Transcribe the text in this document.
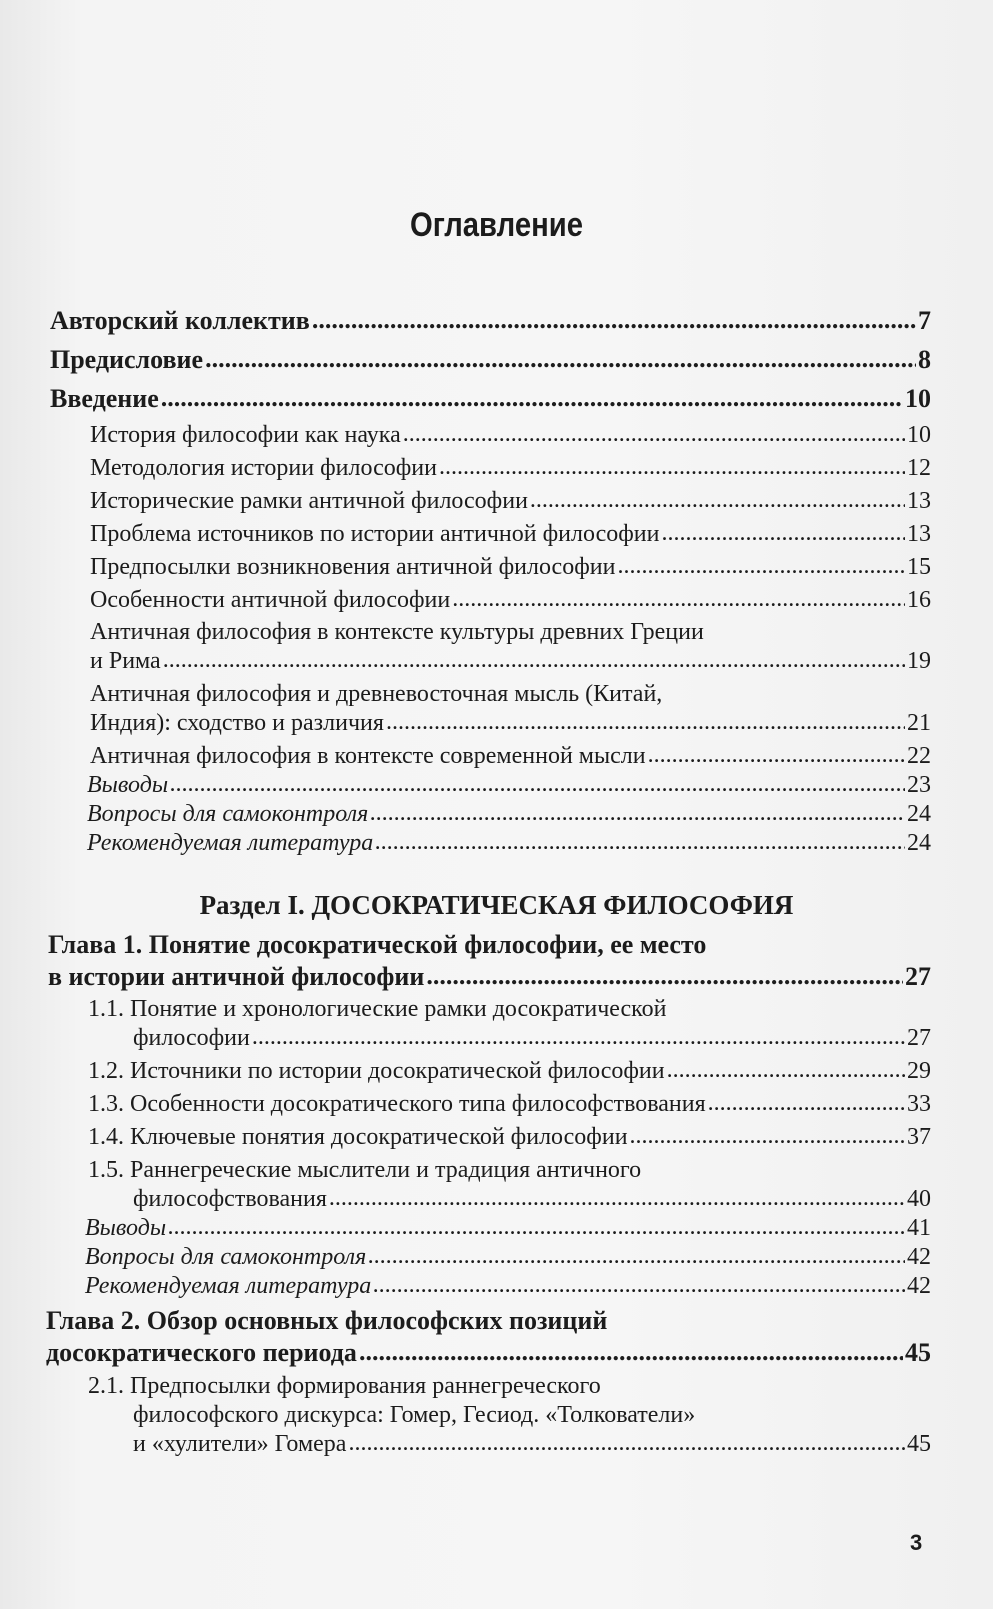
Оглавление
Авторский коллектив .....	7
Предисловие .....	8
Введение .....	10
История философии как наука .....	10
Методология истории философии .....	12
Исторические рамки античной философии .....	13
Проблема источников по истории античной философии .....	13
Предпосылки возникновения античной философии .....	15
Особенности античной философии .....	16
Античная философия в контексте культуры древних Греции
и Рима .....	19
Античная философия и древневосточная мысль (Китай,
Индия): сходство и различия .....	21
Античная философия в контексте современной мысли .....	22
Выводы .....	23
Вопросы для самоконтроля .....	24
Рекомендуемая литература .....	24
Раздел I. ДОСОКРАТИЧЕСКАЯ ФИЛОСОФИЯ
Глава 1. Понятие досократической философии, ее место
в истории античной философии .....	27
1.1. Понятие и хронологические рамки досократической
философии .....	27
1.2. Источники по истории досократической философии .....	29
1.3. Особенности досократического типа философствования .....	33
1.4. Ключевые понятия досократической философии .....	37
1.5. Раннегреческие мыслители и традиция античного
философствования .....	40
Выводы .....	41
Вопросы для самоконтроля .....	42
Рекомендуемая литература .....	42
Глава 2. Обзор основных философских позиций
досократического периода .....	45
2.1. Предпосылки формирования раннегреческого
философского дискурса: Гомер, Гесиод. «Толкователи»
и «хулители» Гомера .....	45
3
